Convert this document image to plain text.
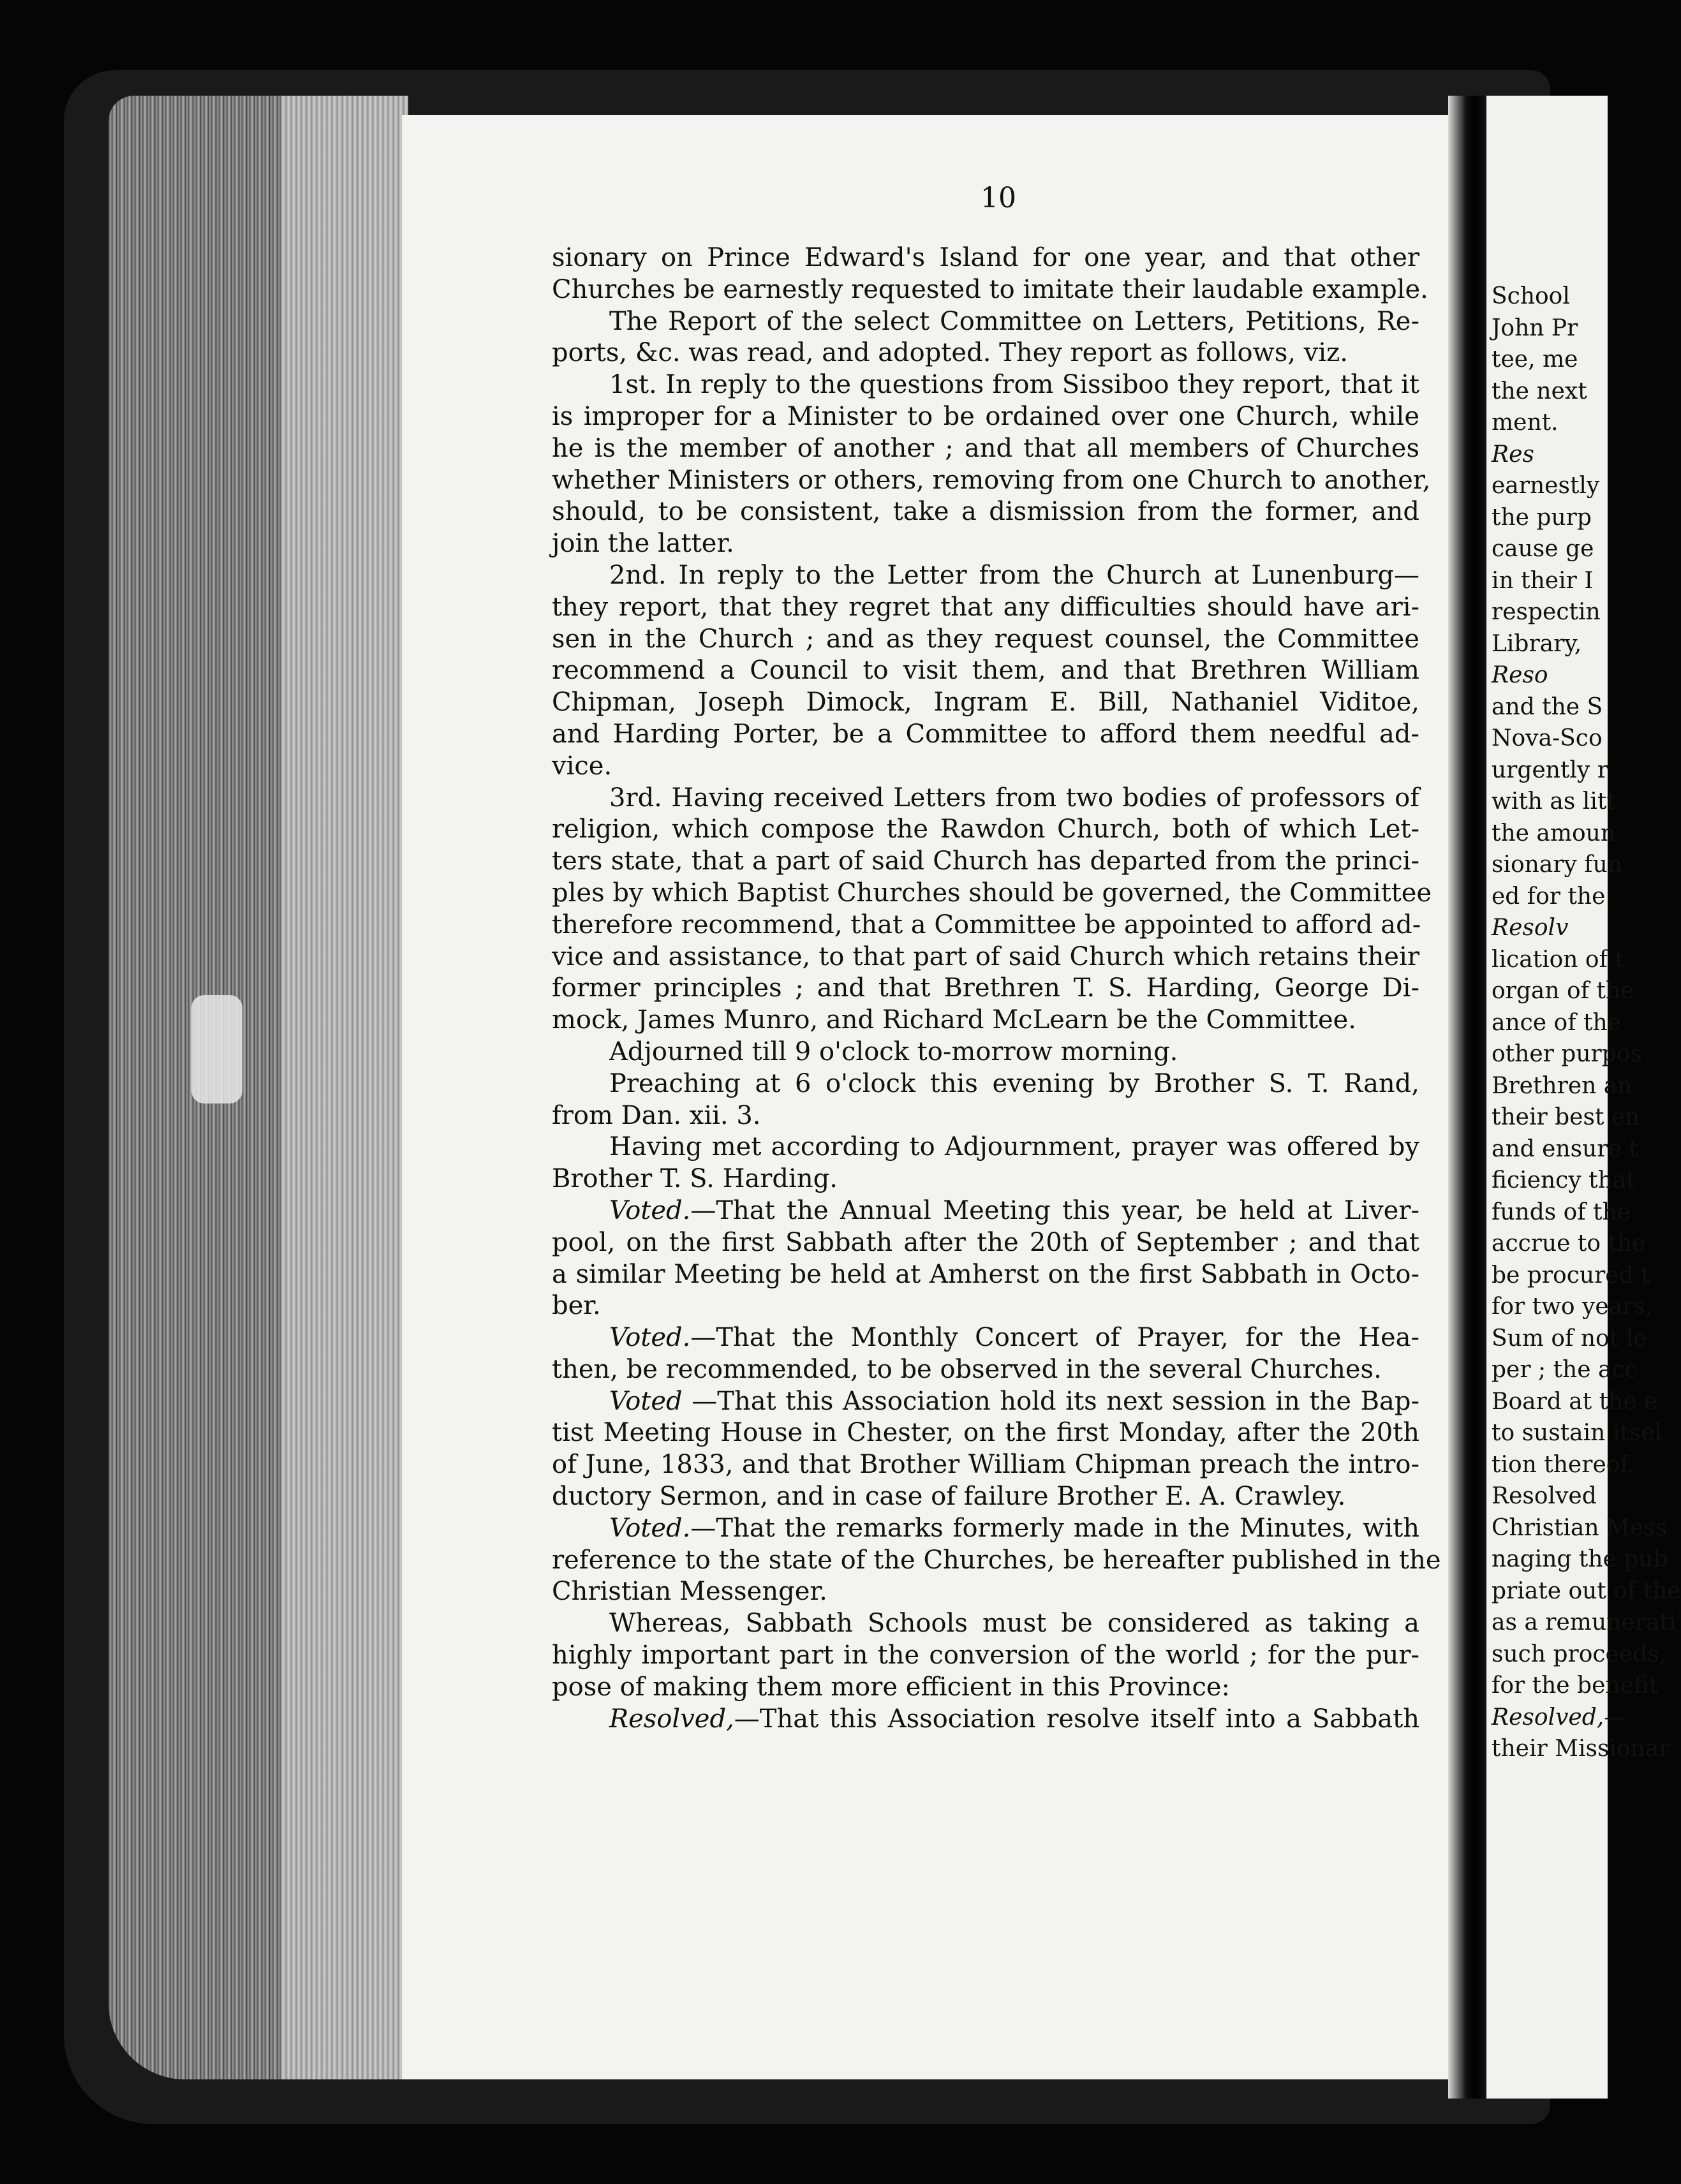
10
sionary on Prince Edward's Island for one year, and that other
Churches be earnestly requested to imitate their laudable example.
The Report of the select Committee on Letters, Petitions, Re-
ports, &c. was read, and adopted. They report as follows, viz.
1st. In reply to the questions from Sissiboo they report, that it
is improper for a Minister to be ordained over one Church, while
he is the member of another ; and that all members of Churches
whether Ministers or others, removing from one Church to another,
should, to be consistent, take a dismission from the former, and
join the latter.
2nd. In reply to the Letter from the Church at Lunenburg—
they report, that they regret that any difficulties should have ari-
sen in the Church ; and as they request counsel, the Committee
recommend a Council to visit them, and that Brethren William
Chipman, Joseph Dimock, Ingram E. Bill, Nathaniel Viditoe,
and Harding Porter, be a Committee to afford them needful ad-
vice.
3rd. Having received Letters from two bodies of professors of
religion, which compose the Rawdon Church, both of which Let-
ters state, that a part of said Church has departed from the princi-
ples by which Baptist Churches should be governed, the Committee
therefore recommend, that a Committee be appointed to afford ad-
vice and assistance, to that part of said Church which retains their
former principles ; and that Brethren T. S. Harding, George Di-
mock, James Munro, and Richard McLearn be the Committee.
Adjourned till 9 o'clock to-morrow morning.
Preaching at 6 o'clock this evening by Brother S. T. Rand,
from Dan. xii. 3.
Having met according to Adjournment, prayer was offered by
Brother T. S. Harding.
Voted.—That the Annual Meeting this year, be held at Liver-
pool, on the first Sabbath after the 20th of September ; and that
a similar Meeting be held at Amherst on the first Sabbath in Octo-
ber.
Voted.—That the Monthly Concert of Prayer, for the Hea-
then, be recommended, to be observed in the several Churches.
Voted —That this Association hold its next session in the Bap-
tist Meeting House in Chester, on the first Monday, after the 20th
of June, 1833, and that Brother William Chipman preach the intro-
ductory Sermon, and in case of failure Brother E. A. Crawley.
Voted.—That the remarks formerly made in the Minutes, with
reference to the state of the Churches, be hereafter published in the
Christian Messenger.
Whereas, Sabbath Schools must be considered as taking a
highly important part in the conversion of the world ; for the pur-
pose of making them more efficient in this Province:
Resolved,—That this Association resolve itself into a Sabbath
School
John Pr
tee, me
the next
ment.
Res
earnestly
the purp
cause ge
in their I
respectin
Library,
Reso
and the S
Nova-Sco
urgently r
with as litt
the amoun
sionary fun
ed for the
Resolv
lication of t
organ of the
ance of the
other purpos
Brethren an
their best en
and ensure t
ficiency that
funds of the
accrue to the
be procured t
for two years,
Sum of not le
per ; the acc
Board at the e
to sustain itsel
tion thereof.
Resolved
Christian Mess
naging the pub
priate out of the
as a remunerati
such proceeds,
for the benefit
Resolved,—
their Missionar
